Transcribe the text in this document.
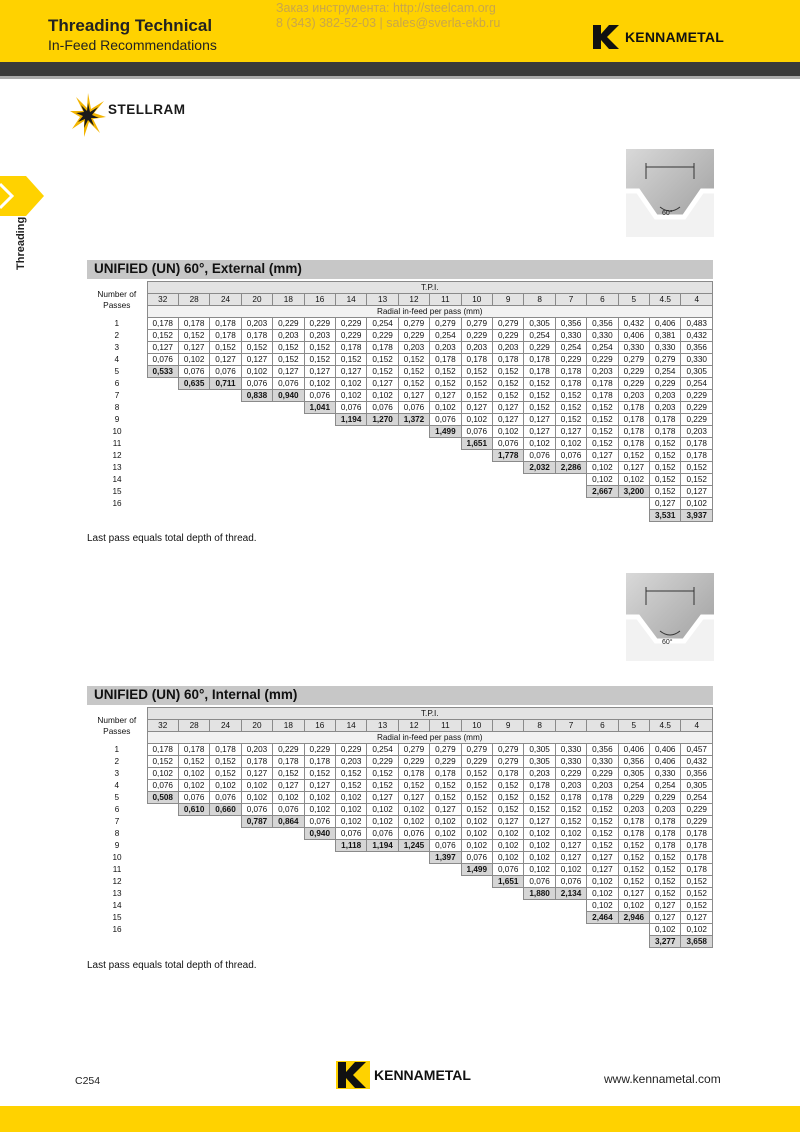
Threading Technical
In-Feed Recommendations
Заказ инструмента: http://steelcam.org
8 (343) 382-52-03 | sales@sverla-ekb.ru
KENNAMETAL
STELLRAM
Threading
60°
UNIFIED (UN) 60°, External (mm)
Number of
Passes	T.P.I.																	
	32	28	24	20	18	16	14	13	12	11	10	9	8	7	6	5	4.5	4
	Radial in-feed per pass (mm)																	
1	0,178	0,178	0,178	0,203	0,229	0,229	0,229	0,254	0,279	0,279	0,279	0,279	0,305	0,356	0,356	0,432	0,406	0,483
2	0,152	0,152	0,178	0,178	0,203	0,203	0,229	0,229	0,229	0,254	0,229	0,229	0,254	0,330	0,330	0,406	0,381	0,432
3	0,127	0,127	0,152	0,152	0,152	0,152	0,178	0,178	0,203	0,203	0,203	0,203	0,229	0,254	0,254	0,330	0,330	0,356
4	0,076	0,102	0,127	0,127	0,152	0,152	0,152	0,152	0,152	0,178	0,178	0,178	0,178	0,229	0,229	0,279	0,279	0,330
5	0,533	0,076	0,076	0,102	0,127	0,127	0,127	0,152	0,152	0,152	0,152	0,152	0,178	0,178	0,203	0,229	0,254	0,305
6		0,635	0,711	0,076	0,076	0,102	0,102	0,127	0,152	0,152	0,152	0,152	0,152	0,178	0,178	0,229	0,229	0,254
7				0,838	0,940	0,076	0,102	0,102	0,127	0,127	0,152	0,152	0,152	0,152	0,178	0,203	0,203	0,229
8						1,041	0,076	0,076	0,076	0,102	0,127	0,127	0,152	0,152	0,152	0,178	0,203	0,229
9							1,194	1,270	1,372	0,076	0,102	0,127	0,127	0,152	0,152	0,178	0,178	0,229
10										1,499	0,076	0,102	0,127	0,127	0,152	0,178	0,178	0,203
11											1,651	0,076	0,102	0,102	0,152	0,178	0,152	0,178
12												1,778	0,076	0,076	0,127	0,152	0,152	0,178
13													2,032	2,286	0,102	0,127	0,152	0,152
14															0,102	0,102	0,152	0,152
15															2,667	3,200	0,152	0,127
16																	0,127	0,102
																	3,531	3,937
Last pass equals total depth of thread.
60°
UNIFIED (UN) 60°, Internal (mm)
Number of
Passes	T.P.I.																	
	32	28	24	20	18	16	14	13	12	11	10	9	8	7	6	5	4.5	4
	Radial in-feed per pass (mm)																	
1	0,178	0,178	0,178	0,203	0,229	0,229	0,229	0,254	0,279	0,279	0,279	0,279	0,305	0,330	0,356	0,406	0,406	0,457
2	0,152	0,152	0,152	0,178	0,178	0,178	0,203	0,229	0,229	0,229	0,229	0,279	0,305	0,330	0,330	0,356	0,406	0,432
3	0,102	0,102	0,152	0,127	0,152	0,152	0,152	0,152	0,178	0,178	0,152	0,178	0,203	0,229	0,229	0,305	0,330	0,356
4	0,076	0,102	0,102	0,102	0,127	0,127	0,152	0,152	0,152	0,152	0,152	0,152	0,178	0,203	0,203	0,254	0,254	0,305
5	0,508	0,076	0,076	0,102	0,102	0,102	0,102	0,127	0,127	0,152	0,152	0,152	0,152	0,178	0,178	0,229	0,229	0,254
6		0,610	0,660	0,076	0,076	0,102	0,102	0,102	0,102	0,127	0,152	0,152	0,152	0,152	0,152	0,203	0,203	0,229
7				0,787	0,864	0,076	0,102	0,102	0,102	0,102	0,102	0,127	0,127	0,152	0,152	0,178	0,178	0,229
8						0,940	0,076	0,076	0,076	0,102	0,102	0,102	0,102	0,102	0,152	0,178	0,178	0,178
9							1,118	1,194	1,245	0,076	0,102	0,102	0,102	0,127	0,152	0,152	0,178	0,178
10										1,397	0,076	0,102	0,102	0,127	0,127	0,152	0,152	0,178
11											1,499	0,076	0,102	0,102	0,127	0,152	0,152	0,178
12												1,651	0,076	0,076	0,102	0,152	0,152	0,152
13													1,880	2,134	0,102	0,127	0,152	0,152
14															0,102	0,102	0,127	0,152
15															2,464	2,946	0,127	0,127
16																	0,102	0,102
																	3,277	3,658
Last pass equals total depth of thread.
C254	KENNAMETAL	www.kennametal.com
